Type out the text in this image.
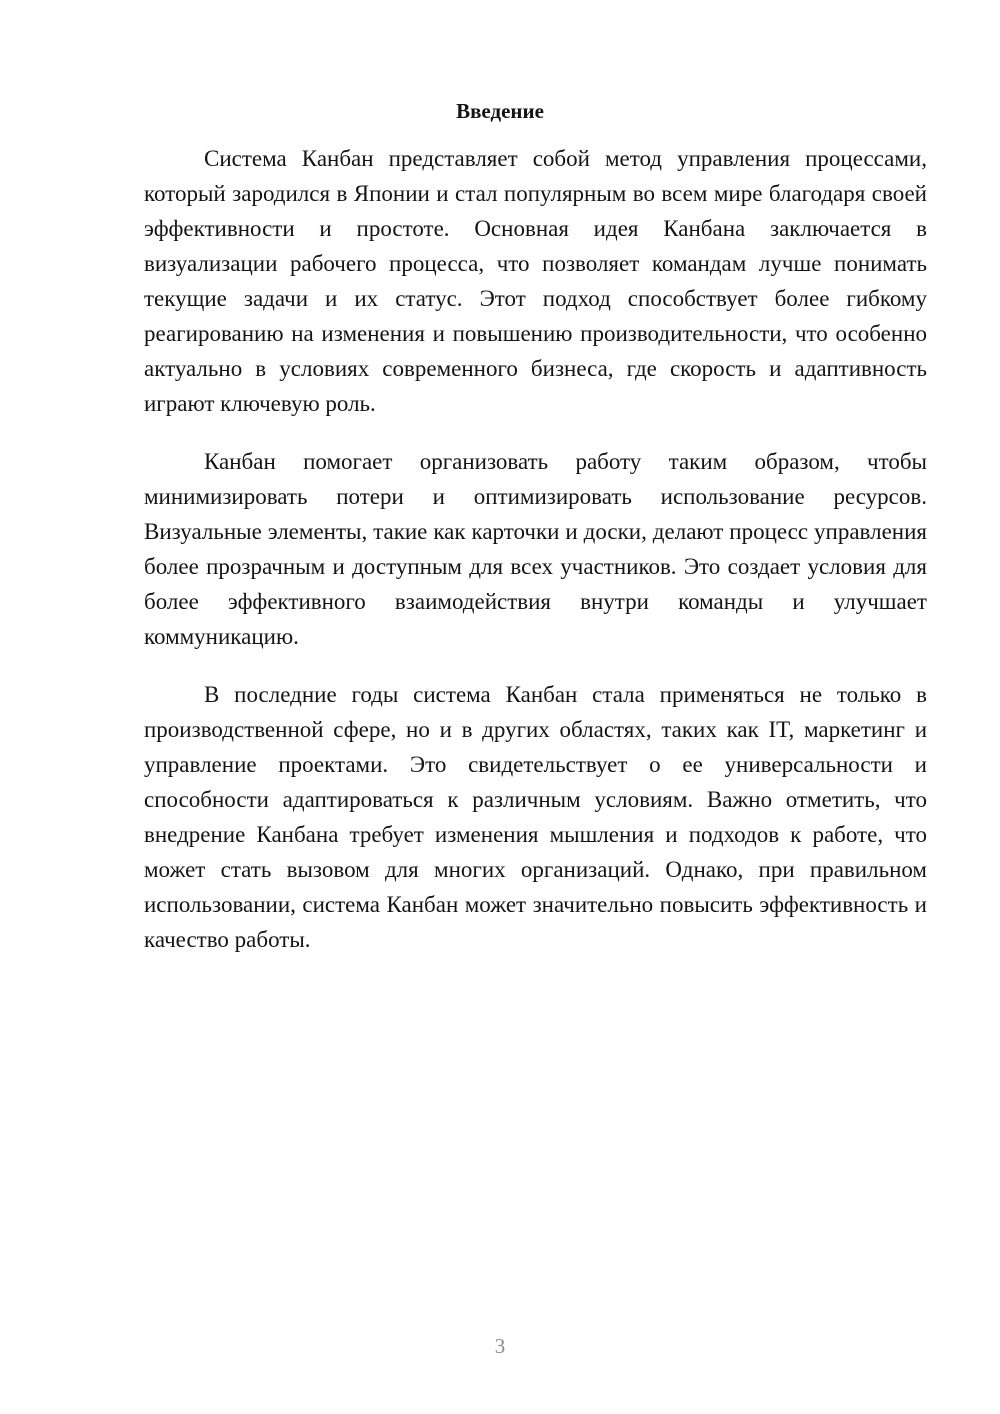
Введение

Система Канбан представляет собой метод управления процессами, который зародился в Японии и стал популярным во всем мире благодаря своей эффективности и простоте. Основная идея Канбана заключается в визуализации рабочего процесса, что позволяет командам лучше понимать текущие задачи и их статус. Этот подход способствует более гибкому реагированию на изменения и повышению производительности, что особенно актуально в условиях современного бизнеса, где скорость и адаптивность играют ключевую роль.

Канбан помогает организовать работу таким образом, чтобы минимизировать потери и оптимизировать использование ресурсов. Визуальные элементы, такие как карточки и доски, делают процесс управления более прозрачным и доступным для всех участников. Это создает условия для более эффективного взаимодействия внутри команды и улучшает коммуникацию.

В последние годы система Канбан стала применяться не только в производственной сфере, но и в других областях, таких как IT, маркетинг и управление проектами. Это свидетельствует о ее универсальности и способности адаптироваться к различным условиям. Важно отметить, что внедрение Канбана требует изменения мышления и подходов к работе, что может стать вызовом для многих организаций. Однако, при правильном использовании, система Канбан может значительно повысить эффективность и качество работы.

3
